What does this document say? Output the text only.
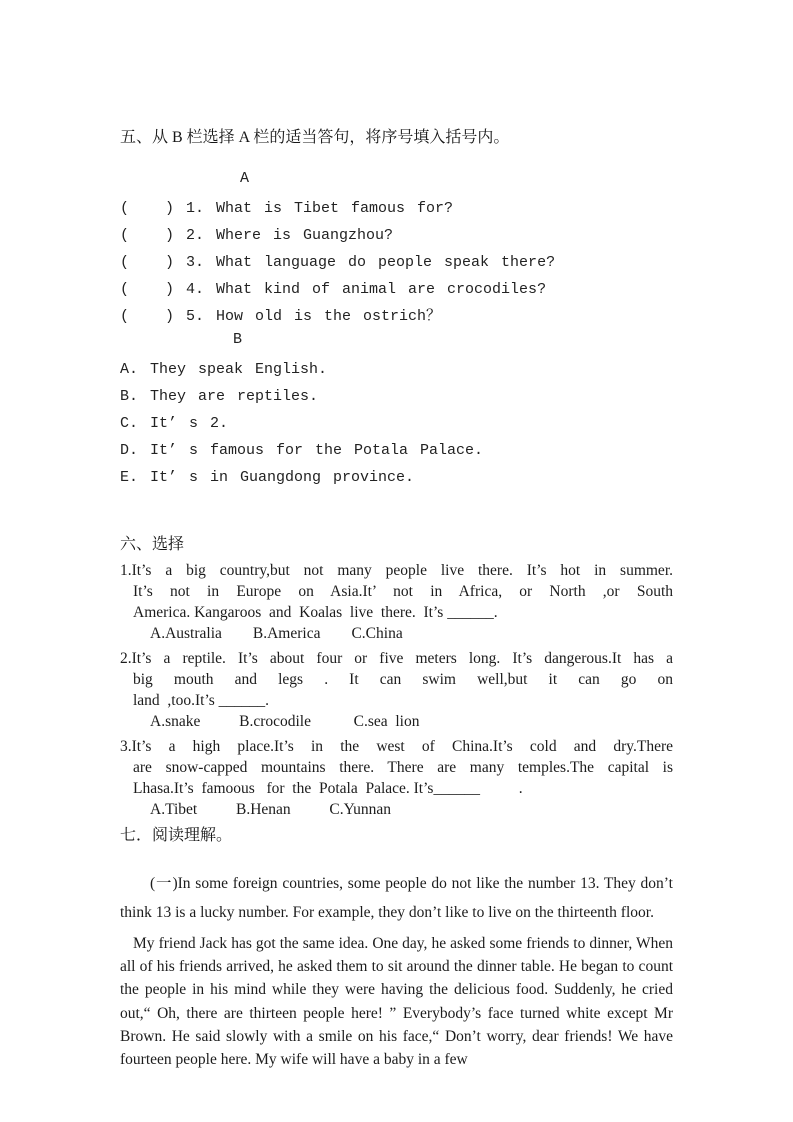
五、从 B 栏选择 A 栏的适当答句，将序号填入括号内。
A
(   ) 1. What is Tibet famous for?
(   ) 2. Where is Guangzhou?
(   ) 3. What language do people speak there?
(   ) 4. What kind of animal are crocodiles?
(   ) 5. How old is the ostrich？
B
A. They speak English.
B. They are reptiles.
C. It’ s 2.
D. It’ s famous for the Potala Palace.
E. It’ s in Guangdong province.
六、选择
1.It’s a big country,but not many people live there. It’s hot in summer.
It’s not in Europe on Asia.It’ not in Africa, or North ,or South
America. Kangaroos  and  Koalas  live  there.  It’s ______.
A.Australia        B.America        C.China
2.It’s a reptile. It’s about four or five meters long. It’s dangerous.It has a
big mouth and legs . It can swim well,but it can go on
land  ,too.It’s ______.
A.snake          B.crocodile           C.sea  lion
3.It’s a high place.It’s in the west of China.It’s cold and dry.There
are snow-capped mountains there. There are many temples.The capital is
Lhasa.It’s  famoous   for  the  Potala  Palace. It’s______          .
A.Tibet          B.Henan          C.Yunnan
七．阅读理解。
(一)In some foreign countries, some people do not like the number 13. They don’t think 13 is a lucky number. For example, they don’t like to live on the thirteenth floor.
My friend Jack has got the same idea. One day, he asked some friends to dinner, When all of his friends arrived, he asked them to sit around the dinner table. He began to count the people in his mind while they were having the delicious food. Suddenly, he cried out,“ Oh, there are thirteen people here! ” Everybody’s face turned white except Mr Brown. He said slowly with a smile on his face,“ Don’t worry, dear friends! We have fourteen people here. My wife will have a baby in a few
